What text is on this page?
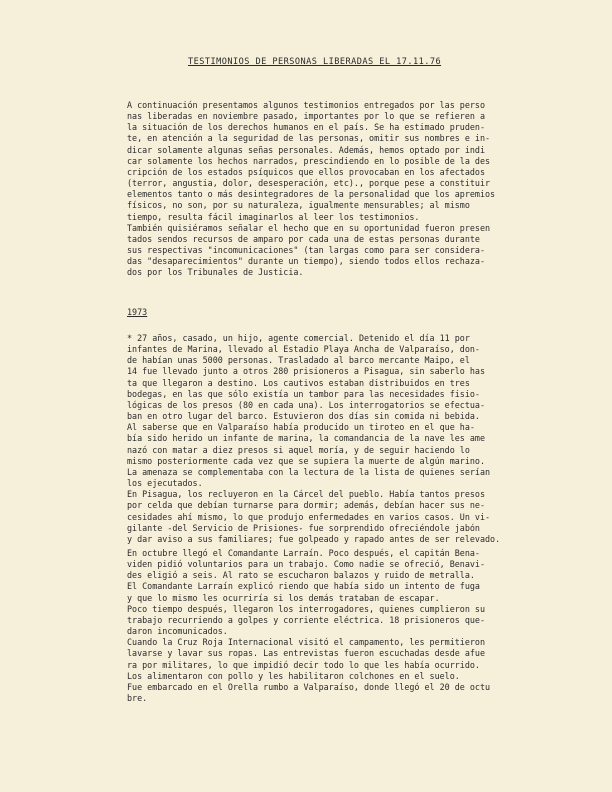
TESTIMONIOS DE PERSONAS LIBERADAS EL 17.11.76
A continuación presentamos algunos testimonios entregados por las perso
nas liberadas en noviembre pasado, importantes por lo que se refieren a
la situación de los derechos humanos en el país. Se ha estimado pruden-
te, en atención a la seguridad de las personas, omitir sus nombres e in-
dicar solamente algunas señas personales. Además, hemos optado por indi
car solamente los hechos narrados, prescindiendo en lo posible de la des
cripción de los estados psíquicos que ellos provocaban en los afectados
(terror, angustia, dolor, desesperación, etc)., porque pese a constituir
elementos tanto o más desintegradores de la personalidad que los apremios
físicos, no son, por su naturaleza, igualmente mensurables; al mismo
tiempo, resulta fácil imaginarlos al leer los testimonios.
También quisiéramos señalar el hecho que en su oportunidad fueron presen
tados sendos recursos de amparo por cada una de estas personas durante
sus respectivas "incomunicaciones" (tan largas como para ser considera-
das "desaparecimientos" durante un tiempo), siendo todos ellos rechaza-
dos por los Tribunales de Justicia.
1973
* 27 años, casado, un hijo, agente comercial. Detenido el día 11 por
infantes de Marina, llevado al Estadio Playa Ancha de Valparaíso, don-
de habían unas 5000 personas. Trasladado al barco mercante Maipo, el
14 fue llevado junto a otros 280 prisioneros a Pisagua, sin saberlo has
ta que llegaron a destino. Los cautivos estaban distribuidos en tres
bodegas, en las que sólo existía un tambor para las necesidades fisio-
lógicas de los presos (80 en cada una). Los interrogatorios se efectua-
ban en otro lugar del barco. Estuvieron dos días sin comida ni bebida.
Al saberse que en Valparaíso había producido un tiroteo en el que ha-
bía sido herido un infante de marina, la comandancia de la nave les ame
nazó con matar a diez presos si aquel moría, y de seguir haciendo lo
mismo posteriormente cada vez que se supiera la muerte de algún marino.
La amenaza se complementaba con la lectura de la lista de quienes serían
los ejecutados.
En Pisagua, los recluyeron en la Cárcel del pueblo. Había tantos presos
por celda que debían turnarse para dormir; además, debían hacer sus ne-
cesidades ahí mismo, lo que produjo enfermedades en varios casos. Un vi-
gilante -del Servicio de Prisiones- fue sorprendido ofreciéndole jabón
y dar aviso a sus familiares; fue golpeado y rapado antes de ser relevado.
En octubre llegó el Comandante Larraín. Poco después, el capitán Bena-
viden pidió voluntarios para un trabajo. Como nadie se ofreció, Benavi-
des eligió a seis. Al rato se escucharon balazos y ruido de metralla.
El Comandante Larraín explicó riendo que había sido un intento de fuga
y que lo mismo les ocurriría si los demás trataban de escapar.
Poco tiempo después, llegaron los interrogadores, quienes cumplieron su
trabajo recurriendo a golpes y corriente eléctrica. 18 prisioneros que-
daron incomunicados.
Cuando la Cruz Roja Internacional visitó el campamento, les permitieron
lavarse y lavar sus ropas. Las entrevistas fueron escuchadas desde afue
ra por militares, lo que impidió decir todo lo que les había ocurrido.
Los alimentaron con pollo y les habilitaron colchones en el suelo.
Fue embarcado en el Orella rumbo a Valparaíso, donde llegó el 20 de octu
bre.
